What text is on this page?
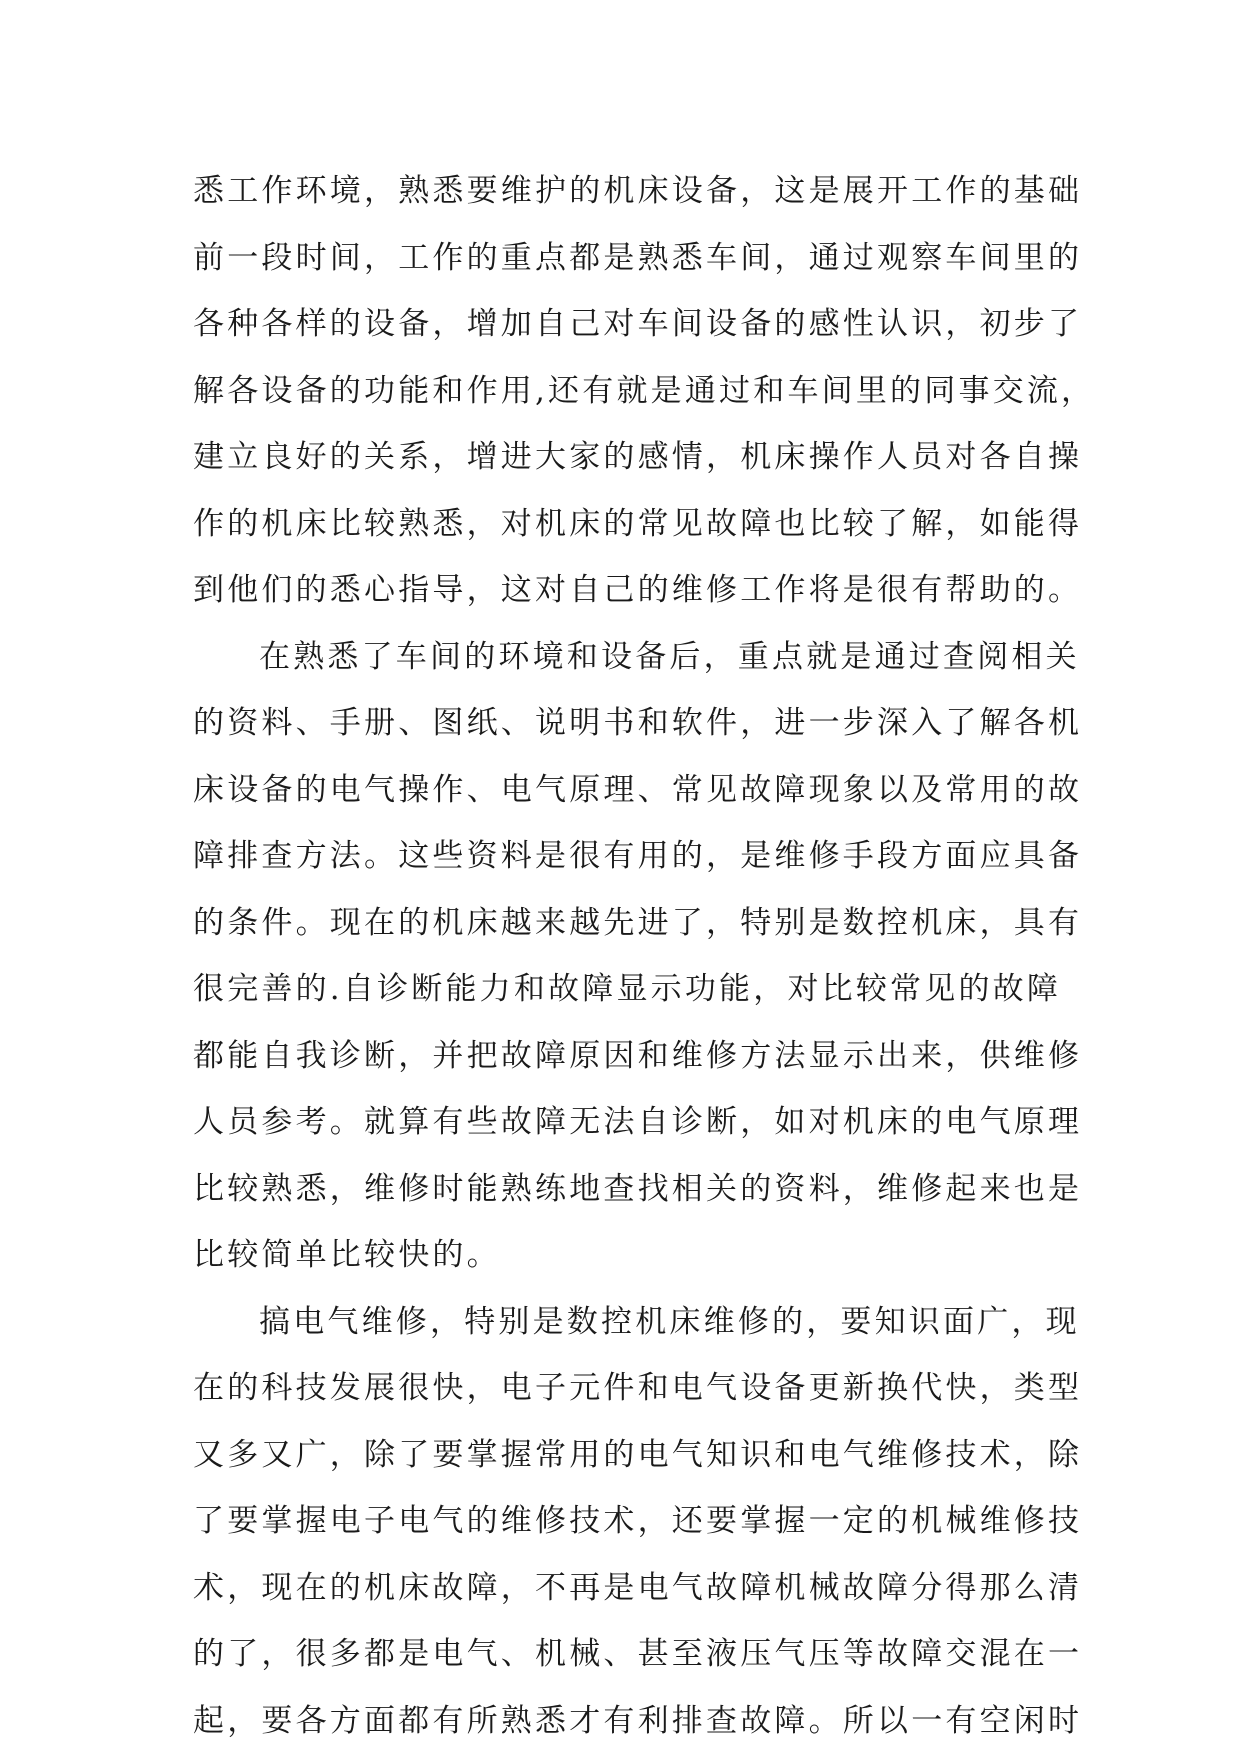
悉工作环境，熟悉要维护的机床设备，这是展开工作的基础
前一段时间，工作的重点都是熟悉车间，通过观察车间里的
各种各样的设备，增加自己对车间设备的感性认识，初步了
解各设备的功能和作用,还有就是通过和车间里的同事交流，
建立良好的关系，增进大家的感情，机床操作人员对各自操
作的机床比较熟悉，对机床的常见故障也比较了解，如能得
到他们的悉心指导，这对自己的维修工作将是很有帮助的。
在熟悉了车间的环境和设备后，重点就是通过查阅相关
的资料、手册、图纸、说明书和软件，进一步深入了解各机
床设备的电气操作、电气原理、常见故障现象以及常用的故
障排查方法。这些资料是很有用的，是维修手段方面应具备
的条件。现在的机床越来越先进了，特别是数控机床，具有
很完善的.自诊断能力和故障显示功能，对比较常见的故障
都能自我诊断，并把故障原因和维修方法显示出来，供维修
人员参考。就算有些故障无法自诊断，如对机床的电气原理
比较熟悉，维修时能熟练地查找相关的资料，维修起来也是
比较简单比较快的。
搞电气维修，特别是数控机床维修的，要知识面广，现
在的科技发展很快，电子元件和电气设备更新换代快，类型
又多又广，除了要掌握常用的电气知识和电气维修技术，除
了要掌握电子电气的维修技术，还要掌握一定的机械维修技
术，现在的机床故障，不再是电气故障机械故障分得那么清
的了，很多都是电气、机械、甚至液压气压等故障交混在一
起，要各方面都有所熟悉才有利排查故障。所以一有空闲时
